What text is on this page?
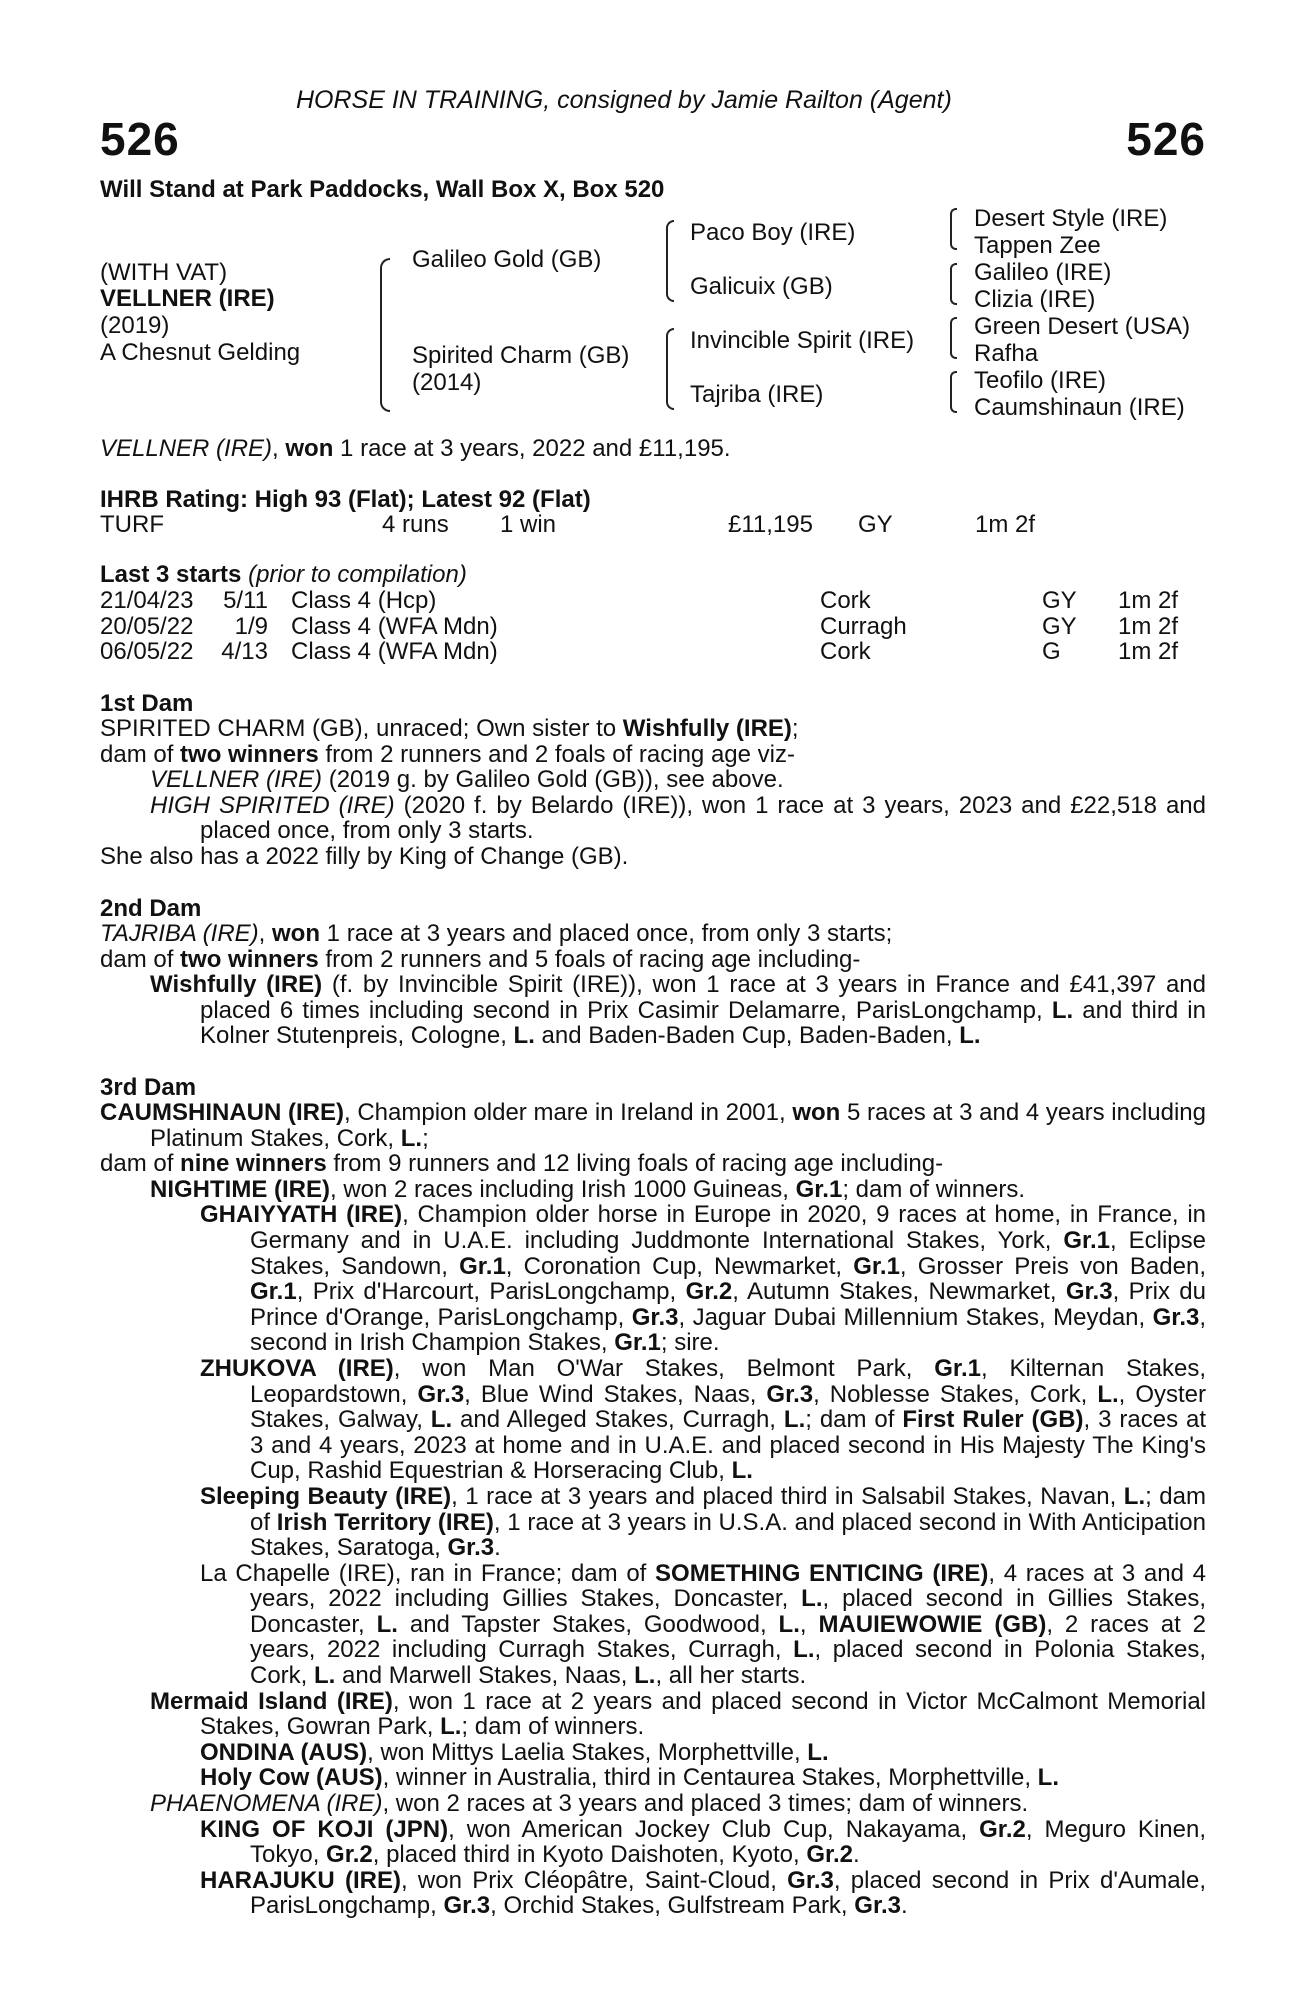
HORSE IN TRAINING, consigned by Jamie Railton (Agent)
526	526
Will Stand at Park Paddocks, Wall Box X, Box 520
(WITH VAT)
VELLNER (IRE)
(2019)
A Chesnut Gelding
Galileo Gold (GB)
Spirited Charm (GB)
(2014)
Paco Boy (IRE)
Galicuix (GB)
Invincible Spirit (IRE)
Tajriba (IRE)
Desert Style (IRE)
Tappen Zee
Galileo (IRE)
Clizia (IRE)
Green Desert (USA)
Rafha
Teofilo (IRE)
Caumshinaun (IRE)
VELLNER (IRE), won 1 race at 3 years, 2022 and £11,195.
IHRB Rating: High 93 (Flat); Latest 92 (Flat)
TURF	4 runs 1 win	£11,195 GY	1m 2f
Last 3 starts (prior to compilation)
21/04/23	5/11 Class 4 (Hcp)	Cork	GY 1m 2f
20/05/22	1/9 Class 4 (WFA Mdn)	Curragh	GY 1m 2f
06/05/22	4/13 Class 4 (WFA Mdn)	Cork	G 1m 2f
1st Dam
SPIRITED CHARM (GB), unraced; Own sister to Wishfully (IRE);
dam of two winners from 2 runners and 2 foals of racing age viz-
VELLNER (IRE) (2019 g. by Galileo Gold (GB)), see above.
HIGH SPIRITED (IRE) (2020 f. by Belardo (IRE)), won 1 race at 3 years, 2023 and £22,518 and placed once, from only 3 starts.
She also has a 2022 filly by King of Change (GB).
2nd Dam
TAJRIBA (IRE), won 1 race at 3 years and placed once, from only 3 starts;
dam of two winners from 2 runners and 5 foals of racing age including-
Wishfully (IRE) (f. by Invincible Spirit (IRE)), won 1 race at 3 years in France and £41,397 and placed 6 times including second in Prix Casimir Delamarre, ParisLongchamp, L. and third in Kolner Stutenpreis, Cologne, L. and Baden-Baden Cup, Baden-Baden, L.
3rd Dam
CAUMSHINAUN (IRE), Champion older mare in Ireland in 2001, won 5 races at 3 and 4 years including Platinum Stakes, Cork, L.;
dam of nine winners from 9 runners and 12 living foals of racing age including-
NIGHTIME (IRE), won 2 races including Irish 1000 Guineas, Gr.1; dam of winners.
GHAIYYATH (IRE), Champion older horse in Europe in 2020, 9 races at home, in France, in Germany and in U.A.E. including Juddmonte International Stakes, York, Gr.1, Eclipse Stakes, Sandown, Gr.1, Coronation Cup, Newmarket, Gr.1, Grosser Preis von Baden, Gr.1, Prix d'Harcourt, ParisLongchamp, Gr.2, Autumn Stakes, Newmarket, Gr.3, Prix du Prince d'Orange, ParisLongchamp, Gr.3, Jaguar Dubai Millennium Stakes, Meydan, Gr.3, second in Irish Champion Stakes, Gr.1; sire.
ZHUKOVA (IRE), won Man O'War Stakes, Belmont Park, Gr.1, Kilternan Stakes, Leopardstown, Gr.3, Blue Wind Stakes, Naas, Gr.3, Noblesse Stakes, Cork, L., Oyster Stakes, Galway, L. and Alleged Stakes, Curragh, L.; dam of First Ruler (GB), 3 races at 3 and 4 years, 2023 at home and in U.A.E. and placed second in His Majesty The King's Cup, Rashid Equestrian & Horseracing Club, L.
Sleeping Beauty (IRE), 1 race at 3 years and placed third in Salsabil Stakes, Navan, L.; dam of Irish Territory (IRE), 1 race at 3 years in U.S.A. and placed second in With Anticipation Stakes, Saratoga, Gr.3.
La Chapelle (IRE), ran in France; dam of SOMETHING ENTICING (IRE), 4 races at 3 and 4 years, 2022 including Gillies Stakes, Doncaster, L., placed second in Gillies Stakes, Doncaster, L. and Tapster Stakes, Goodwood, L., MAUIEWOWIE (GB), 2 races at 2 years, 2022 including Curragh Stakes, Curragh, L., placed second in Polonia Stakes, Cork, L. and Marwell Stakes, Naas, L., all her starts.
Mermaid Island (IRE), won 1 race at 2 years and placed second in Victor McCalmont Memorial Stakes, Gowran Park, L.; dam of winners.
ONDINA (AUS), won Mittys Laelia Stakes, Morphettville, L.
Holy Cow (AUS), winner in Australia, third in Centaurea Stakes, Morphettville, L.
PHAENOMENA (IRE), won 2 races at 3 years and placed 3 times; dam of winners.
KING OF KOJI (JPN), won American Jockey Club Cup, Nakayama, Gr.2, Meguro Kinen, Tokyo, Gr.2, placed third in Kyoto Daishoten, Kyoto, Gr.2.
HARAJUKU (IRE), won Prix Cléopâtre, Saint-Cloud, Gr.3, placed second in Prix d'Aumale, ParisLongchamp, Gr.3, Orchid Stakes, Gulfstream Park, Gr.3.
